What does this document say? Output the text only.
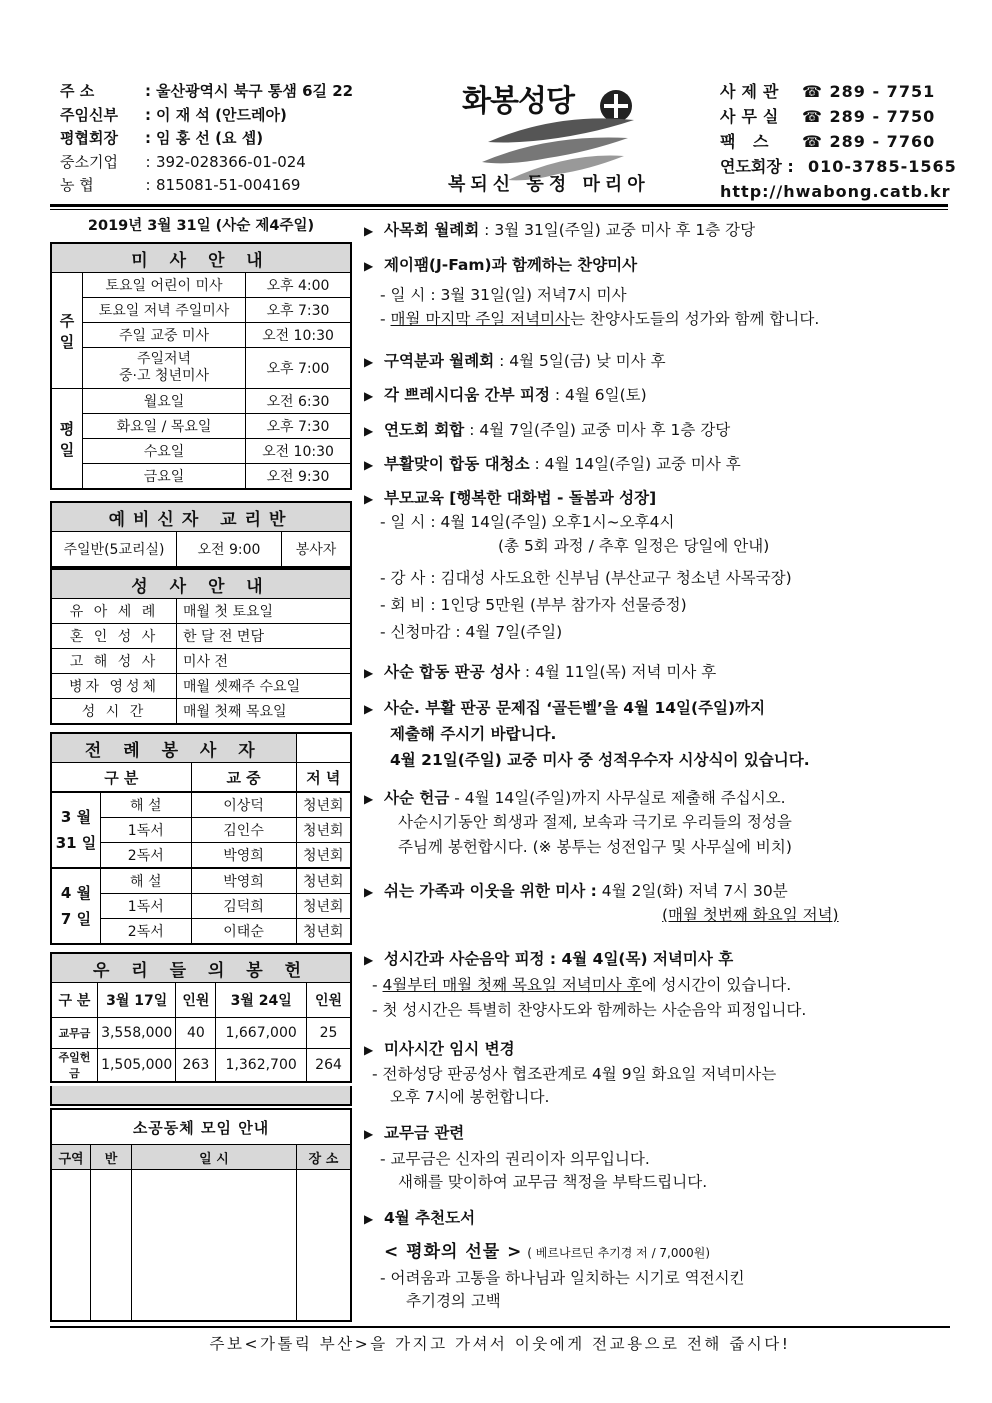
주 소	: 울산광역시 북구 통샘 6길 22
주임신부	: 이 재 석 (안드레아)
평협회장	: 임 홍 선 (요 셉)
중소기업	: 392-028366-01-024
농 협	: 815081-51-004169
화봉성당
복되신 동정 마리아
사제관	☎ 289 - 7751
사무실	☎ 289 - 7750
팩 스	☎ 289 - 7760
연도회장 : 010-3785-1565
http://hwabong.catb.kr
2019년 3월 31일 (사순 제4주일)
미 사 안 내		
주
일	토요일 어린이 미사	오후 4:00
	토요일 저녁 주일미사	오후 7:30
	주일 교중 미사	오전 10:30
	주일저녁
중·고 청년미사	오후 7:00
평
일	월요일	오전 6:30
	화요일 / 목요일	오후 7:30
	수요일	오전 10:30
	금요일	오전 9:30
예비신자 교리반
주일반(5교리실)	오전 9:00	봉사자
성 사 안 내	
유 아 세 례	매월 첫 토요일
혼 인 성 사	한 달 전 면담
고 해 성 사	미사 전
병자 영성체	매월 셋째주 수요일
성 시 간	매월 첫째 목요일
전 례 봉 사 자			
구 분		교 중	저 녁
3 월
31 일	해 설	이상덕	청년회
	1독서	김인수	청년회
	2독서	박영희	청년회
4 월
7 일	해 설	박영희	청년회
	1독서	김덕희	청년회
	2독서	이태순	청년회
우 리 들 의 봉 헌				
구 분	3월 17일	인원	3월 24일	인원
교무금	3,558,000	40	1,667,000	25
주일헌금	1,505,000	263	1,362,700	264
소공동체 모임 안내			
구역	반	일 시	장 소

▶ 사목회 월례회 : 3월 31일(주일) 교중 미사 후 1층 강당
▶ 제이팸(J-Fam)과 함께하는 찬양미사
- 일 시 : 3월 31일(일) 저녁7시 미사
- 매월 마지막 주일 저녁미사는 찬양사도들의 성가와 함께 합니다.
▶ 구역분과 월례회 : 4월 5일(금) 낮 미사 후
▶ 각 쁘레시디움 간부 피정 : 4월 6일(토)
▶ 연도회 회합 : 4월 7일(주일) 교중 미사 후 1층 강당
▶ 부활맞이 합동 대청소 : 4월 14일(주일) 교중 미사 후
▶ 부모교육 [행복한 대화법 - 돌봄과 성장]
- 일 시 : 4월 14일(주일) 오후1시~오후4시
(총 5회 과정 / 추후 일정은 당일에 안내)
- 강 사 : 김대성 사도요한 신부님 (부산교구 청소년 사목국장)
- 회 비 : 1인당 5만원 (부부 참가자 선물증정)
- 신청마감 : 4월 7일(주일)
▶ 사순 합동 판공 성사 : 4월 11일(목) 저녁 미사 후
▶ 사순. 부활 판공 문제집 ‘골든벨’을 4월 14일(주일)까지
제출해 주시기 바랍니다.
4월 21일(주일) 교중 미사 중 성적우수자 시상식이 있습니다.
▶ 사순 헌금 - 4월 14일(주일)까지 사무실로 제출해 주십시오.
사순시기동안 희생과 절제, 보속과 극기로 우리들의 정성을
주님께 봉헌합시다. (※ 봉투는 성전입구 및 사무실에 비치)
▶ 쉬는 가족과 이웃을 위한 미사 : 4월 2일(화) 저녁 7시 30분
(매월 첫번째 화요일 저녁)
▶ 성시간과 사순음악 피정 : 4월 4일(목) 저녁미사 후
- 4월부터 매월 첫째 목요일 저녁미사 후에 성시간이 있습니다.
- 첫 성시간은 특별히 찬양사도와 함께하는 사순음악 피정입니다.
▶ 미사시간 임시 변경
- 전하성당 판공성사 협조관계로 4월 9일 화요일 저녁미사는
오후 7시에 봉헌합니다.
▶ 교무금 관련
- 교무금은 신자의 권리이자 의무입니다.
새해를 맞이하여 교무금 책정을 부탁드립니다.
▶ 4월 추천도서
< 평화의 선물 > ( 베르나르딘 추기경 저 / 7,000원)
- 어려움과 고통을 하나님과 일치하는 시기로 역전시킨
추기경의 고백
주보<가톨릭 부산>을 가지고 가셔서 이웃에게 전교용으로 전해 줍시다!
